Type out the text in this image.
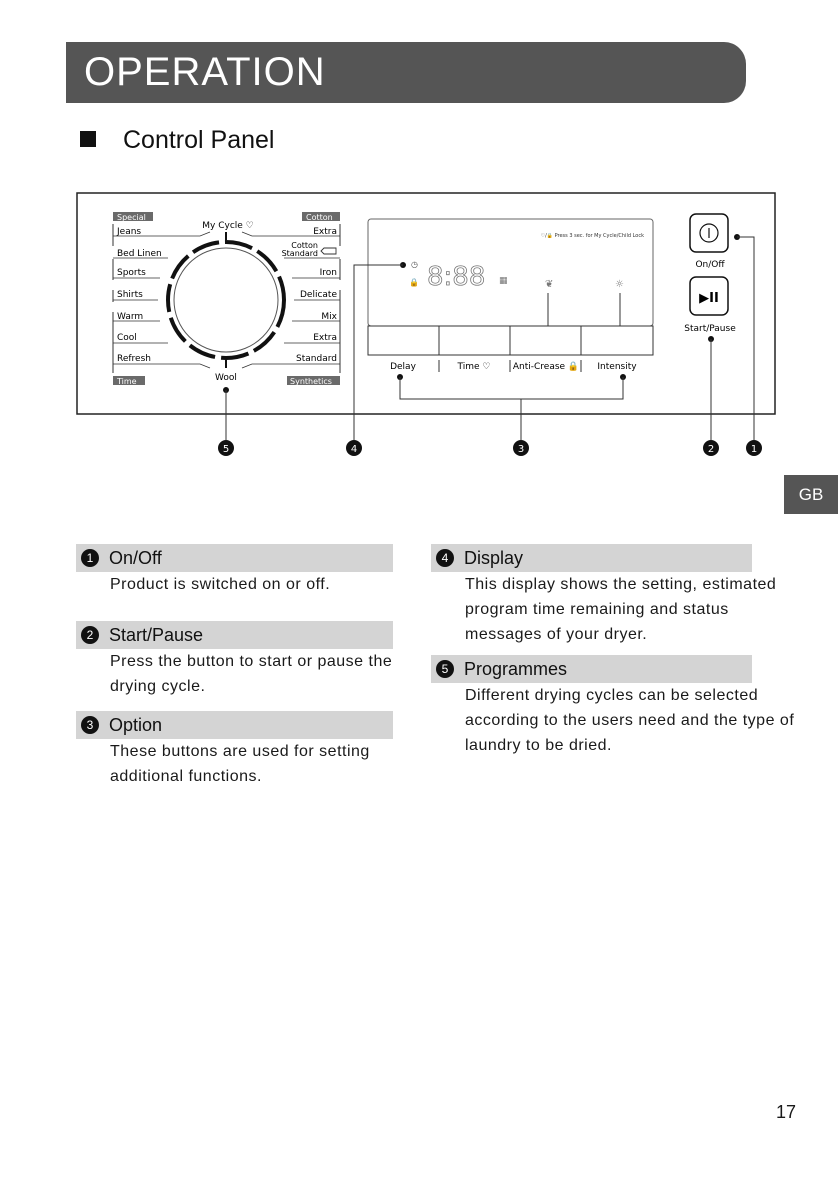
OPERATION
Control Panel
Special	Cotton
Time	Synthetics
Jeans
Bed Linen
Sports
Shirts
Warm
Cool
Refresh
Extra
Cotton
Standard
Iron
Delicate
Mix
Extra
Standard
My Cycle ♡
Wool
♡/🔒 Press 3 sec. for My Cycle/Child Lock
◷
🔒 8:88 ▦	❦	☼
Delay	Time ♡ Anti-Crease 🔒 Intensity
On/Off
▶II
Start/Pause
5	4	3	2	1
GB
1 On/Off
Product is switched on or off.
2 Start/Pause
Press the button to start or pause the
drying cycle.
3 Option
These buttons are used for setting
additional functions.
4 Display
This display shows the setting, estimated
program time remaining and status
messages of your dryer.
5 Programmes
Different drying cycles can be selected
according to the users need and the type of
laundry to be dried.
17
